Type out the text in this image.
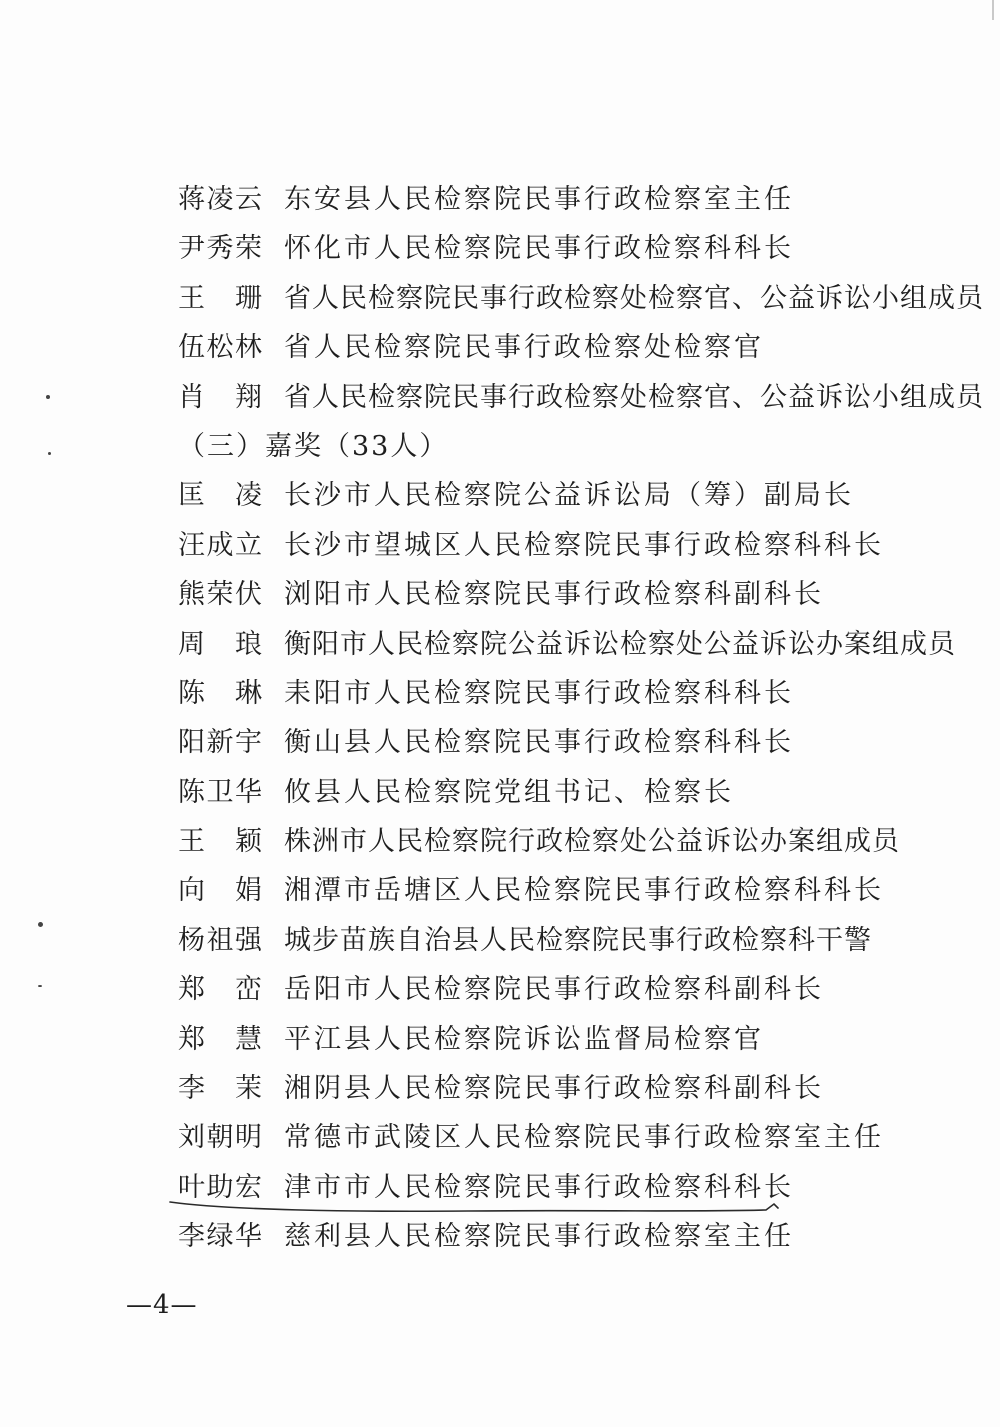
蒋凌云 东安县人民检察院民事行政检察室主任
尹秀荣 怀化市人民检察院民事行政检察科科长
王　珊 省人民检察院民事行政检察处检察官、公益诉讼小组成员
伍松林 省人民检察院民事行政检察处检察官
肖　翔 省人民检察院民事行政检察处检察官、公益诉讼小组成员
（三）嘉奖（33人）
匡　凌 长沙市人民检察院公益诉讼局（筹）副局长
汪成立 长沙市望城区人民检察院民事行政检察科科长
熊荣伏 浏阳市人民检察院民事行政检察科副科长
周　琅 衡阳市人民检察院公益诉讼检察处公益诉讼办案组成员
陈　琳 耒阳市人民检察院民事行政检察科科长
阳新宇 衡山县人民检察院民事行政检察科科长
陈卫华 攸县人民检察院党组书记、检察长
王　颖 株洲市人民检察院行政检察处公益诉讼办案组成员
向　娟 湘潭市岳塘区人民检察院民事行政检察科科长
杨祖强 城步苗族自治县人民检察院民事行政检察科干警
郑　峦 岳阳市人民检察院民事行政检察科副科长
郑　慧 平江县人民检察院诉讼监督局检察官
李　茉 湘阴县人民检察院民事行政检察科副科长
刘朝明 常德市武陵区人民检察院民事行政检察室主任
叶助宏 津市市人民检察院民事行政检察科科长
李绿华 慈利县人民检察院民事行政检察室主任
—4—
